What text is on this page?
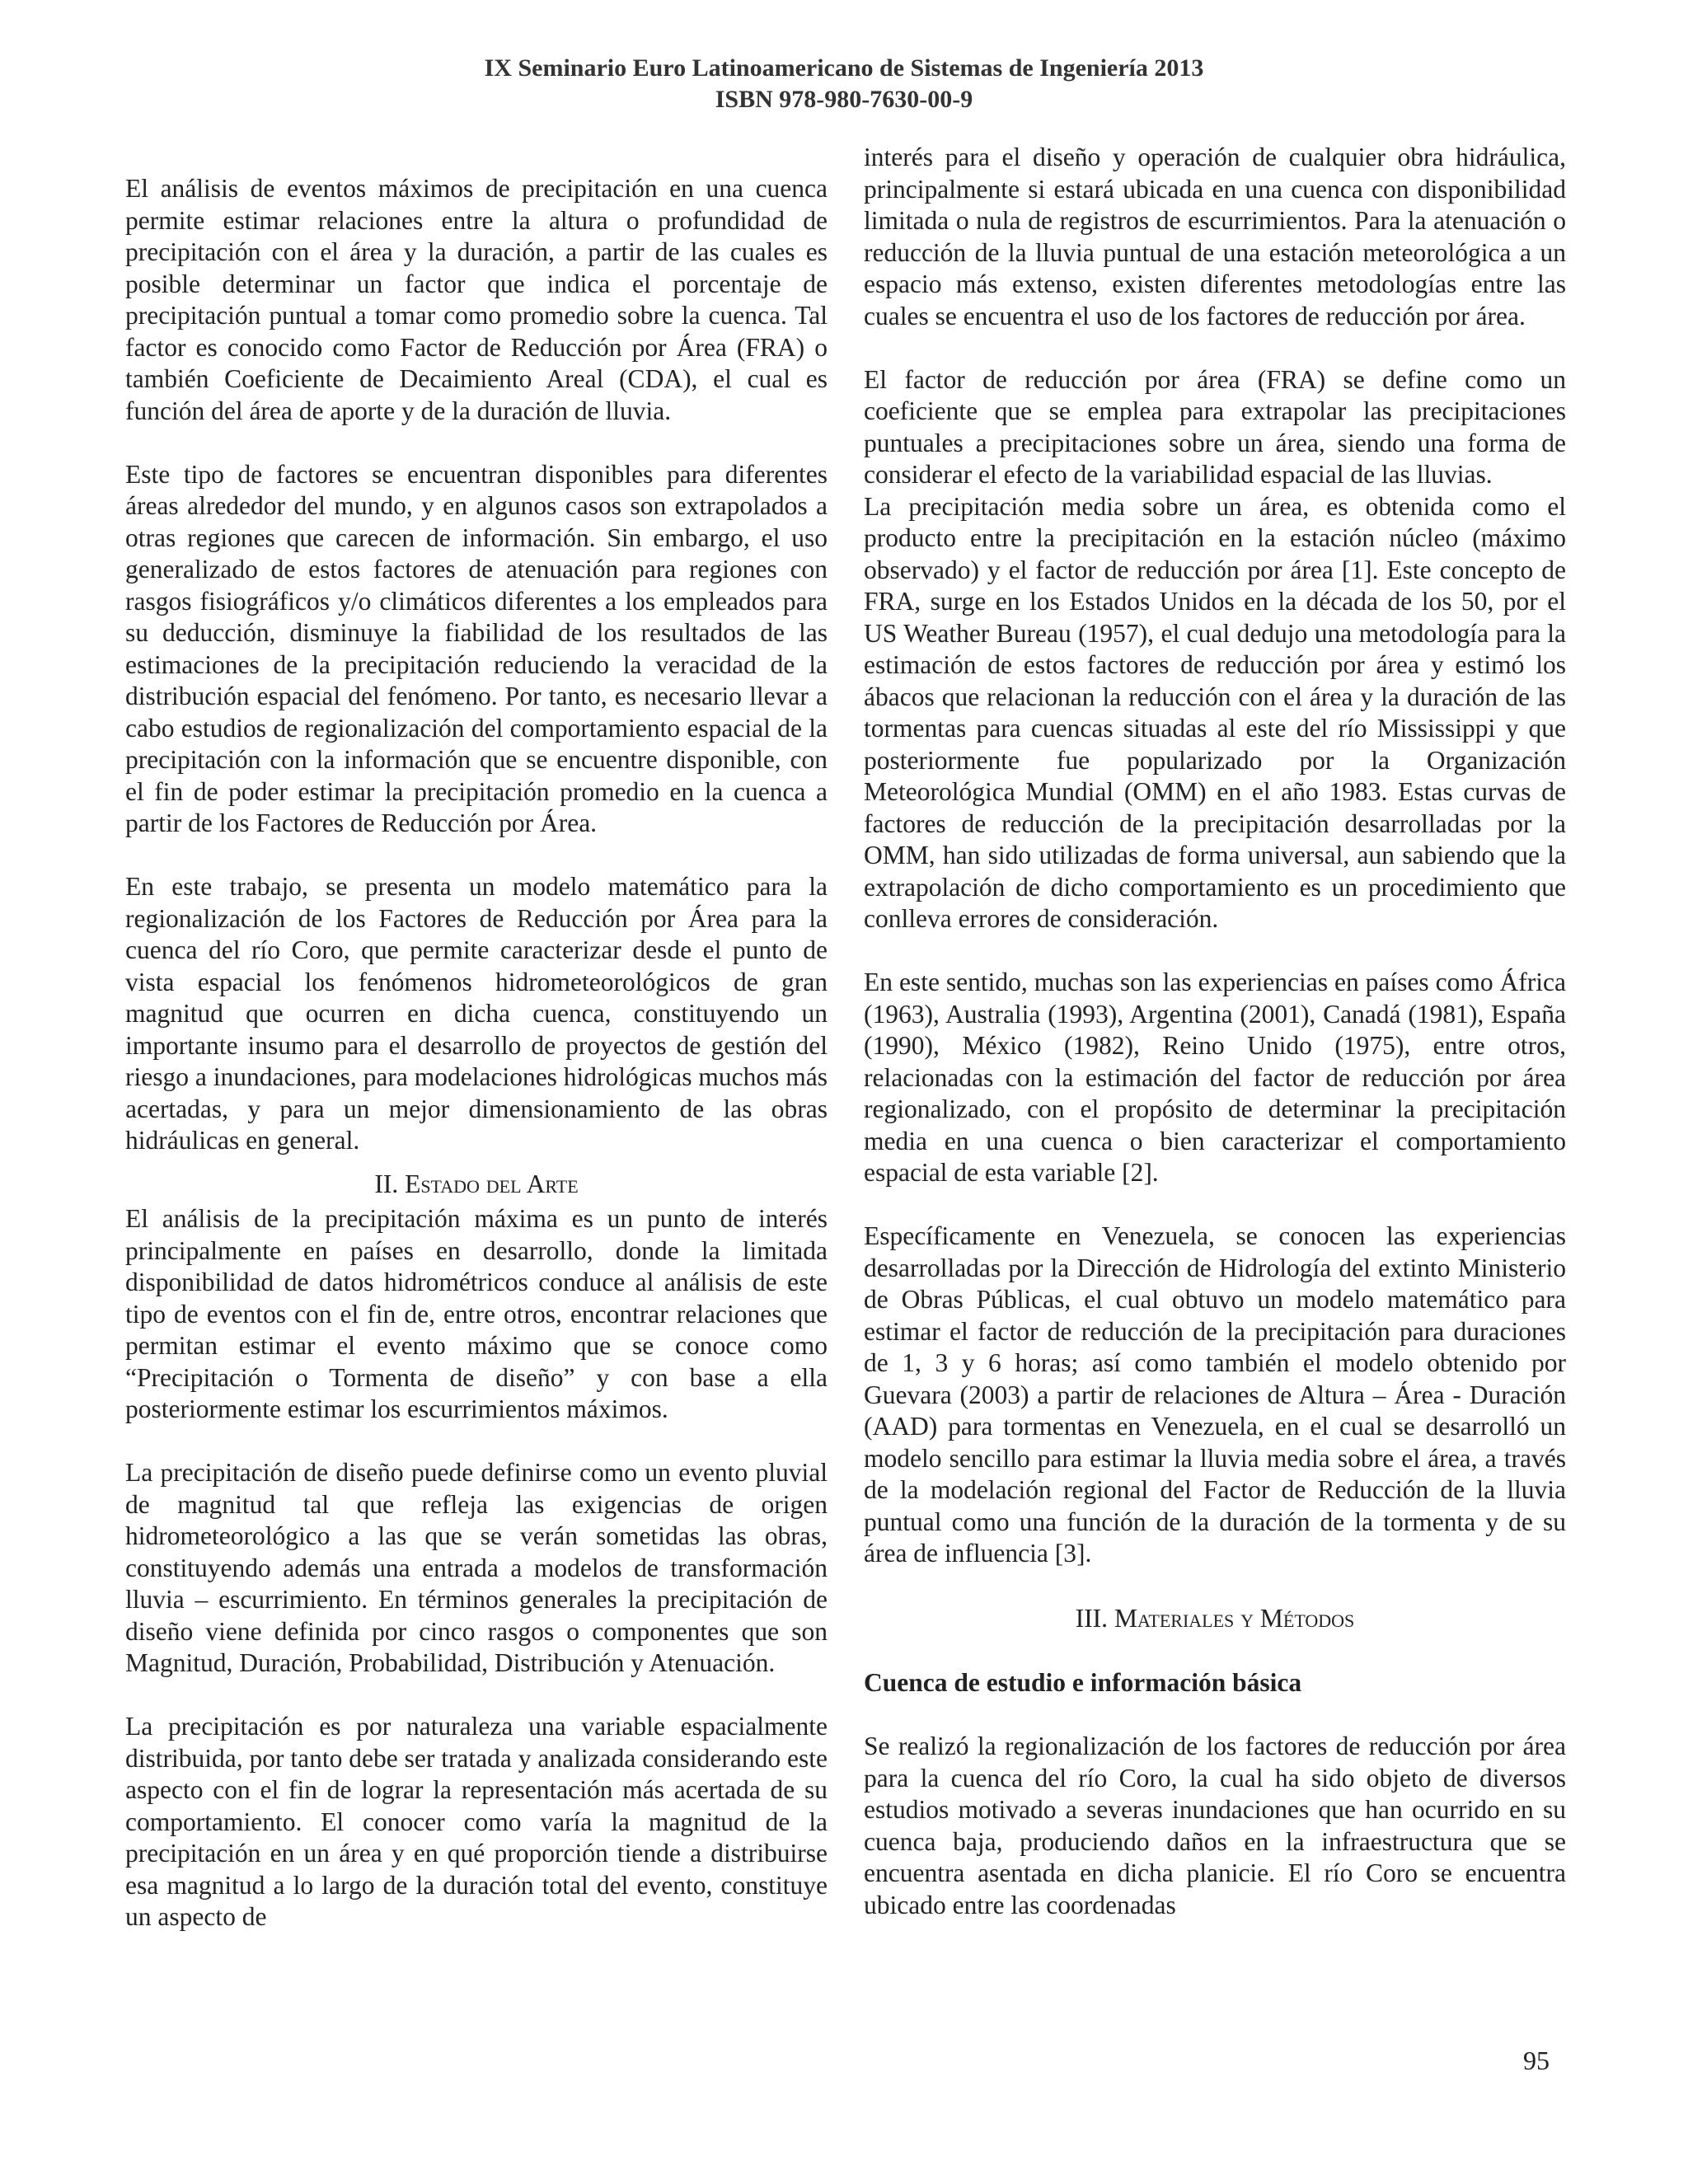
IX Seminario Euro Latinoamericano de Sistemas de Ingeniería 2013
ISBN 978-980-7630-00-9

El análisis de eventos máximos de precipitación en una cuenca permite estimar relaciones entre la altura o profundidad de precipitación con el área y la duración, a partir de las cuales es posible determinar un factor que indica el porcentaje de precipitación puntual a tomar como promedio sobre la cuenca. Tal factor es conocido como Factor de Reducción por Área (FRA) o también Coeficiente de Decaimiento Areal (CDA), el cual es función del área de aporte y de la duración de lluvia.

Este tipo de factores se encuentran disponibles para diferentes áreas alrededor del mundo, y en algunos casos son extrapolados a otras regiones que carecen de información. Sin embargo, el uso generalizado de estos factores de atenuación para regiones con rasgos fisiográficos y/o climáticos diferentes a los empleados para su deducción, disminuye la fiabilidad de los resultados de las estimaciones de la precipitación reduciendo la veracidad de la distribución espacial del fenómeno. Por tanto, es necesario llevar a cabo estudios de regionalización del comportamiento espacial de la precipitación con la información que se encuentre disponible, con el fin de poder estimar la precipitación promedio en la cuenca a partir de los Factores de Reducción por Área.

En este trabajo, se presenta un modelo matemático para la regionalización de los Factores de Reducción por Área para la cuenca del río Coro, que permite caracterizar desde el punto de vista espacial los fenómenos hidrometeorológicos de gran magnitud que ocurren en dicha cuenca, constituyendo un importante insumo para el desarrollo de proyectos de gestión del riesgo a inundaciones, para modelaciones hidrológicas muchos más acertadas, y para un mejor dimensionamiento de las obras hidráulicas en general.

II. Estado del Arte

El análisis de la precipitación máxima es un punto de interés principalmente en países en desarrollo, donde la limitada disponibilidad de datos hidrométricos conduce al análisis de este tipo de eventos con el fin de, entre otros, encontrar relaciones que permitan estimar el evento máximo que se conoce como “Precipitación o Tormenta de diseño” y con base a ella posteriormente estimar los escurrimientos máximos.

La precipitación de diseño puede definirse como un evento pluvial de magnitud tal que refleja las exigencias de origen hidrometeorológico a las que se verán sometidas las obras, constituyendo además una entrada a modelos de transformación lluvia – escurrimiento. En términos generales la precipitación de diseño viene definida por cinco rasgos o componentes que son Magnitud, Duración, Probabilidad, Distribución y Atenuación.

La precipitación es por naturaleza una variable espacialmente distribuida, por tanto debe ser tratada y analizada considerando este aspecto con el fin de lograr la representación más acertada de su comportamiento. El conocer como varía la magnitud de la precipitación en un área y en qué proporción tiende a distribuirse esa magnitud a lo largo de la duración total del evento, constituye un aspecto de

interés para el diseño y operación de cualquier obra hidráulica, principalmente si estará ubicada en una cuenca con disponibilidad limitada o nula de registros de escurrimientos. Para la atenuación o reducción de la lluvia puntual de una estación meteorológica a un espacio más extenso, existen diferentes metodologías entre las cuales se encuentra el uso de los factores de reducción por área.

El factor de reducción por área (FRA) se define como un coeficiente que se emplea para extrapolar las precipitaciones puntuales a precipitaciones sobre un área, siendo una forma de considerar el efecto de la variabilidad espacial de las lluvias.

La precipitación media sobre un área, es obtenida como el producto entre la precipitación en la estación núcleo (máximo observado) y el factor de reducción por área [1]. Este concepto de FRA, surge en los Estados Unidos en la década de los 50, por el US Weather Bureau (1957), el cual dedujo una metodología para la estimación de estos factores de reducción por área y estimó los ábacos que relacionan la reducción con el área y la duración de las tormentas para cuencas situadas al este del río Mississippi y que posteriormente fue popularizado por la Organización Meteorológica Mundial (OMM) en el año 1983. Estas curvas de factores de reducción de la precipitación desarrolladas por la OMM, han sido utilizadas de forma universal, aun sabiendo que la extrapolación de dicho comportamiento es un procedimiento que conlleva errores de consideración.

En este sentido, muchas son las experiencias en países como África (1963), Australia (1993), Argentina (2001), Canadá (1981), España (1990), México (1982), Reino Unido (1975), entre otros, relacionadas con la estimación del factor de reducción por área regionalizado, con el propósito de determinar la precipitación media en una cuenca o bien caracterizar el comportamiento espacial de esta variable [2].

Específicamente en Venezuela, se conocen las experiencias desarrolladas por la Dirección de Hidrología del extinto Ministerio de Obras Públicas, el cual obtuvo un modelo matemático para estimar el factor de reducción de la precipitación para duraciones de 1, 3 y 6 horas; así como también el modelo obtenido por Guevara (2003) a partir de relaciones de Altura – Área - Duración (AAD) para tormentas en Venezuela, en el cual se desarrolló un modelo sencillo para estimar la lluvia media sobre el área, a través de la modelación regional del Factor de Reducción de la lluvia puntual como una función de la duración de la tormenta y de su área de influencia [3].

III. Materiales y Métodos
Cuenca de estudio e información básica

Se realizó la regionalización de los factores de reducción por área para la cuenca del río Coro, la cual ha sido objeto de diversos estudios motivado a severas inundaciones que han ocurrido en su cuenca baja, produciendo daños en la infraestructura que se encuentra asentada en dicha planicie. El río Coro se encuentra ubicado entre las coordenadas

95
